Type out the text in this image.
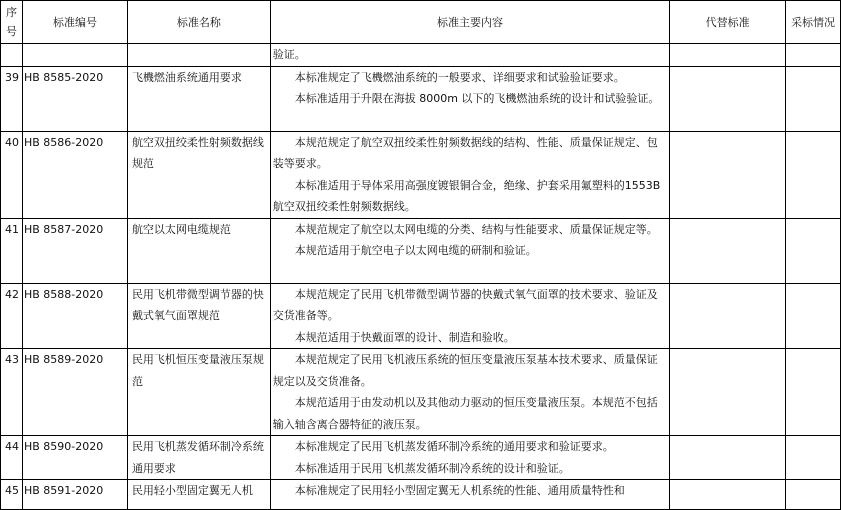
序号	标准编号	标准名称	标准主要内容	代替标准	采标情况

			验证。		

39	HB 8585-2020	飞機燃油系统通用要求	本标准规定了飞機燃油系统的一般要求、详细要求和试验验证要求。
本标准适用于升限在海拔 8000m 以下的飞機燃油系统的设计和试验验证。		

40	HB 8586-2020	航空双扭绞柔性射频数据线规范	本规范规定了航空双扭绞柔性射频数据线的结构、性能、质量保证规定、包装等要求。
本标准适用于导体采用高强度镀银铜合金，绝缘、护套采用氟塑料的1553B 航空双扭绞柔性射频数据线。		

41	HB 8587-2020	航空以太网电缆规范	本规范规定了航空以太网电缆的分类、结构与性能要求、质量保证规定等。
本规范适用于航空电子以太网电缆的研制和验证。		

42	HB 8588-2020	民用飞机带微型调节器的快戴式氧气面罩规范	本规范规定了民用飞机带微型调节器的快戴式氧气面罩的技术要求、验证及交货准备等。
本规范适用于快戴面罩的设计、制造和验收。		

43	HB 8589-2020	民用飞机恒压变量液压泵规范	本规范规定了民用飞机液压系统的恒压变量液压泵基本技术要求、质量保证规定以及交货准备。
本规范适用于由发动机以及其他动力驱动的恒压变量液压泵。本规范不包括输入轴含离合器特征的液压泵。		

44	HB 8590-2020	民用飞机蒸发循环制冷系统通用要求	本标准规定了民用飞机蒸发循环制冷系统的通用要求和验证要求。
本标准适用于民用飞机蒸发循环制冷系统的设计和验证。		

45	HB 8591-2020	民用轻小型固定翼无人机	本标准规定了民用轻小型固定翼无人机系统的性能、通用质量特性和		
